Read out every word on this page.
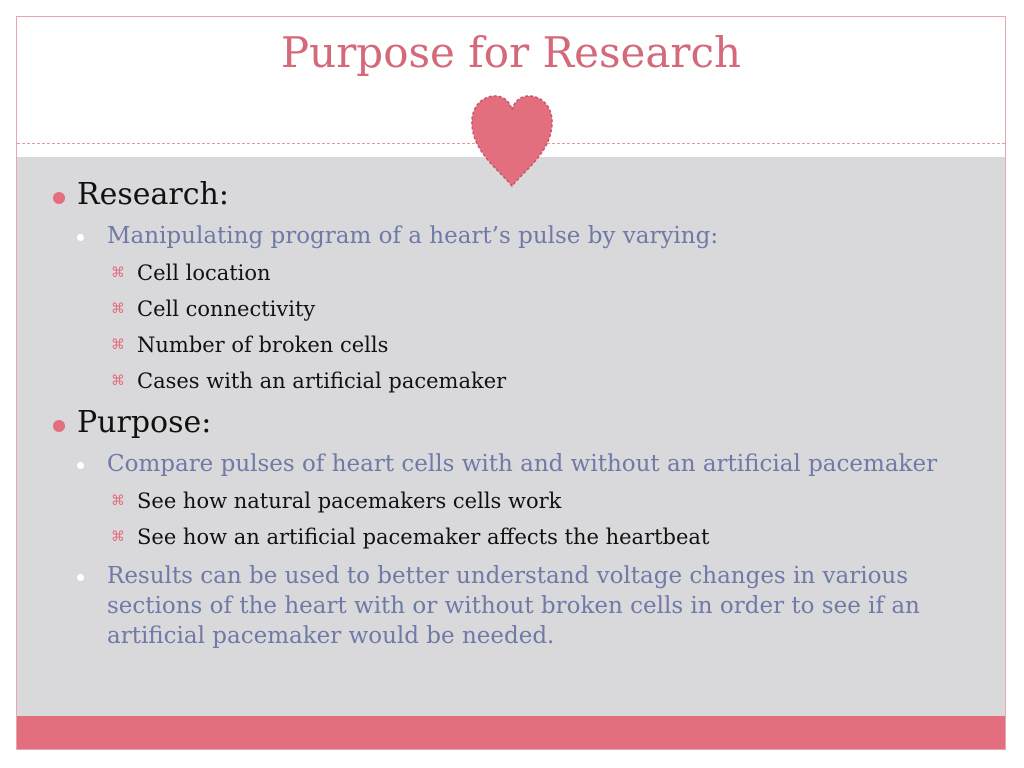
Purpose for Research
Research:
Manipulating program of a heart’s pulse by varying:
⌘ Cell location
⌘ Cell connectivity
⌘ Number of broken cells
⌘ Cases with an artificial pacemaker
Purpose:
Compare pulses of heart cells with and without an artificial pacemaker
⌘ See how natural pacemakers cells work
⌘ See how an artificial pacemaker affects the heartbeat
Results can be used to better understand voltage changes in various sections of the heart with or without broken cells in order to see if an artificial pacemaker would be needed.
